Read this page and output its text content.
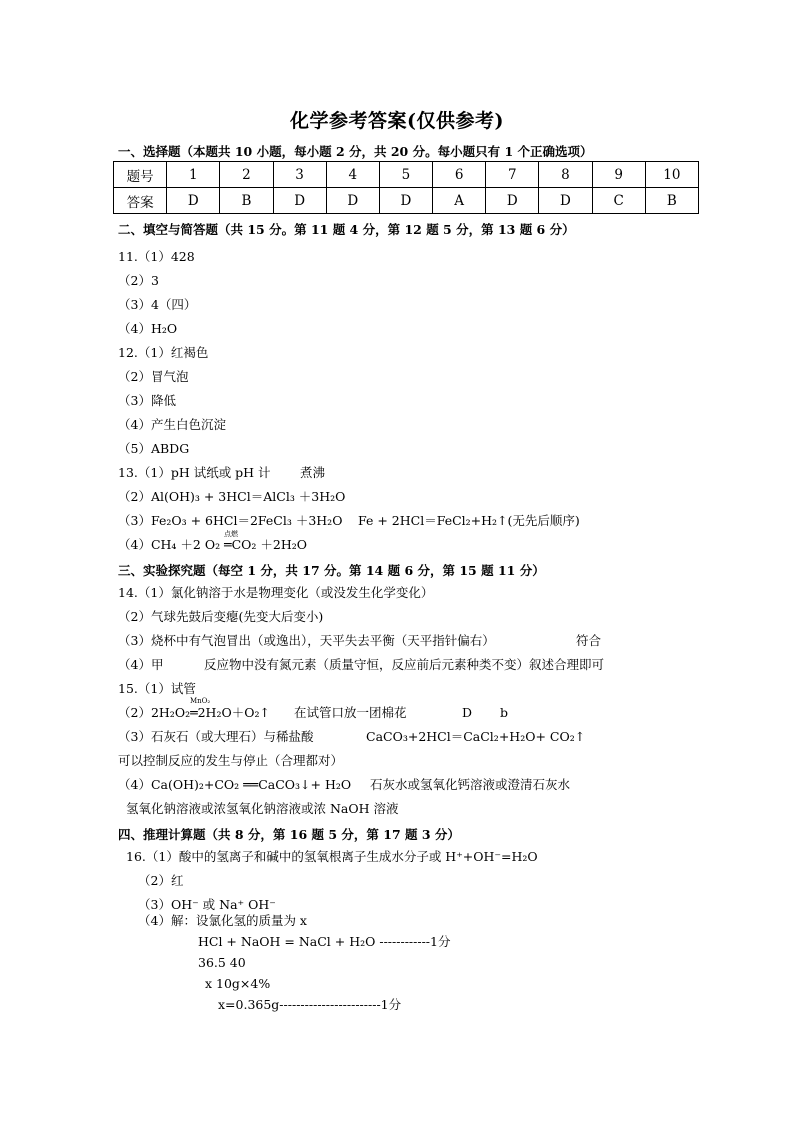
化学参考答案(仅供参考)
一、选择题（本题共 10 小题，每小题 2 分，共 20 分。每小题只有 1 个正确选项）
题号	1	2	3	4	5	6	7	8	9	10
答案	D	B	D	D	D	A	D	D	C	B
二、填空与简答题（共 15 分。第 11 题 4 分，第 12 题 5 分，第 13 题 6 分）
11.（1）428
（2）3
（3）4（四）
（4）H₂O
12.（1）红褐色
（2）冒气泡
（3）降低
（4）产生白色沉淀
（5）ABDG
13.（1）pH 试纸或 pH 计 煮沸
（2）Al(OH)₃ + 3HCl＝AlCl₃ ＋3H₂O
（3）Fe₂O₃ + 6HCl＝2FeCl₃ ＋3H₂O Fe + 2HCl＝FeCl₂+H₂↑(无先后顺序)
点燃
（4）CH₄ ＋2 O₂ ═CO₂ ＋2H₂O
三、实验探究题（每空 1 分，共 17 分。第 14 题 6 分，第 15 题 11 分）
14.（1）氯化钠溶于水是物理变化（或没发生化学变化）
（2）气球先鼓后变瘪(先变大后变小)
（3）烧杯中有气泡冒出（或逸出），天平失去平衡（天平指针偏右）	符合
（4）甲	反应物中没有氮元素（质量守恒，反应前后元素种类不变）叙述合理即可
15.（1）试管
MnO₂
（2）2H₂O₂═2H₂O＋O₂↑ 在试管口放一团棉花	D b
（3）石灰石（或大理石）与稀盐酸	CaCO₃+2HCl＝CaCl₂+H₂O+ CO₂↑
可以控制反应的发生与停止（合理都对）
（4）Ca(OH)₂+CO₂ ══CaCO₃↓+ H₂O 石灰水或氢氧化钙溶液或澄清石灰水
氢氧化钠溶液或浓氢氧化钠溶液或浓 NaOH 溶液
四、推理计算题（共 8 分，第 16 题 5 分，第 17 题 3 分）
16.（1）酸中的氢离子和碱中的氢氧根离子生成水分子或 H⁺+OH⁻=H₂O
（2）红
（3）OH⁻ 或 Na⁺ OH⁻
（4）解：设氯化氢的质量为 x
HCl + NaOH = NaCl + H₂O ------------1分
36.5 40
x 10g×4%
x=0.365g------------------------1分
